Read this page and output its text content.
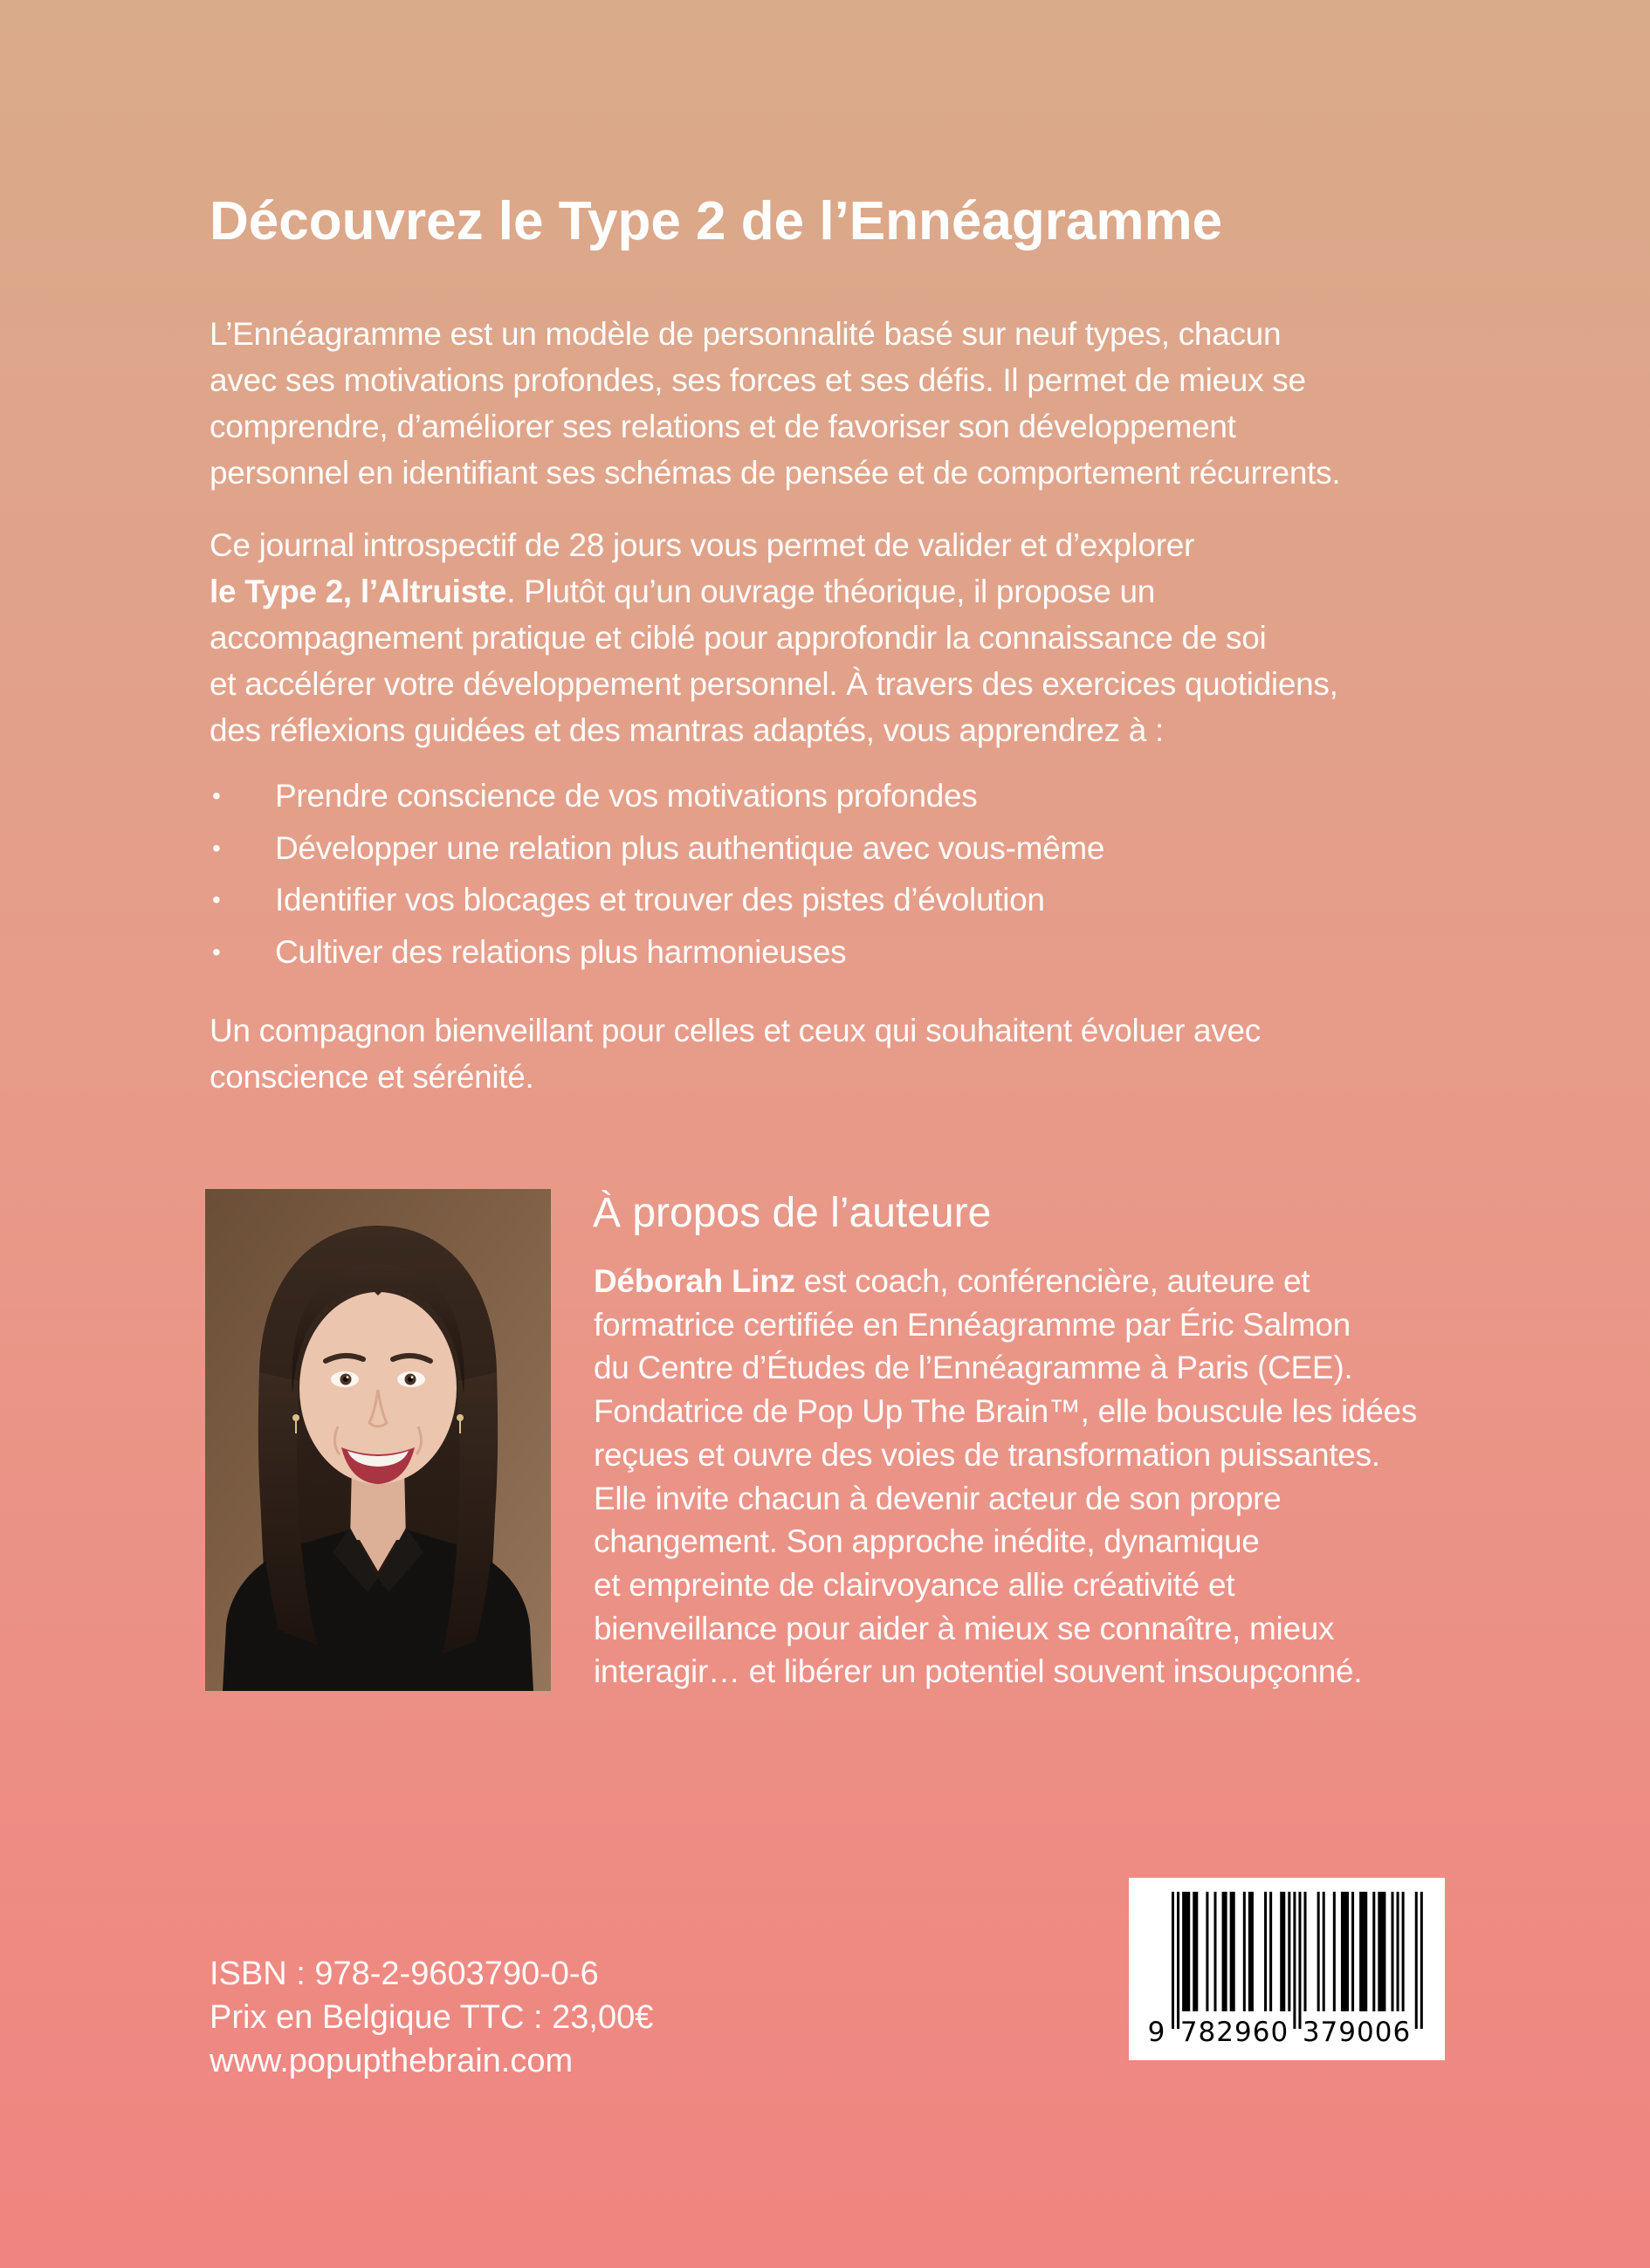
Découvrez le Type 2 de l’Ennéagramme
L’Ennéagramme est un modèle de personnalité basé sur neuf types, chacun
avec ses motivations profondes, ses forces et ses défis. Il permet de mieux se
comprendre, d’améliorer ses relations et de favoriser son développement
personnel en identifiant ses schémas de pensée et de comportement récurrents.
Ce journal introspectif de 28 jours vous permet de valider et d’explorer
le Type 2, l’Altruiste. Plutôt qu’un ouvrage théorique, il propose un
accompagnement pratique et ciblé pour approfondir la connaissance de soi
et accélérer votre développement personnel. À travers des exercices quotidiens,
des réflexions guidées et des mantras adaptés, vous apprendrez à :
•	Prendre conscience de vos motivations profondes
•	Développer une relation plus authentique avec vous-même
•	Identifier vos blocages et trouver des pistes d’évolution
•	Cultiver des relations plus harmonieuses
Un compagnon bienveillant pour celles et ceux qui souhaitent évoluer avec
conscience et sérénité.
À propos de l’auteure
Déborah Linz est coach, conférencière, auteure et
formatrice certifiée en Ennéagramme par Éric Salmon
du Centre d’Études de l’Ennéagramme à Paris (CEE).
Fondatrice de Pop Up The Brain™, elle bouscule les idées
reçues et ouvre des voies de transformation puissantes.
Elle invite chacun à devenir acteur de son propre
changement. Son approche inédite, dynamique
et empreinte de clairvoyance allie créativité et
bienveillance pour aider à mieux se connaître, mieux
interagir… et libérer un potentiel souvent insoupçonné.
ISBN : 978-2-9603790-0-6
Prix en Belgique TTC : 23,00€
www.popupthebrain.com
9 782960 379006
